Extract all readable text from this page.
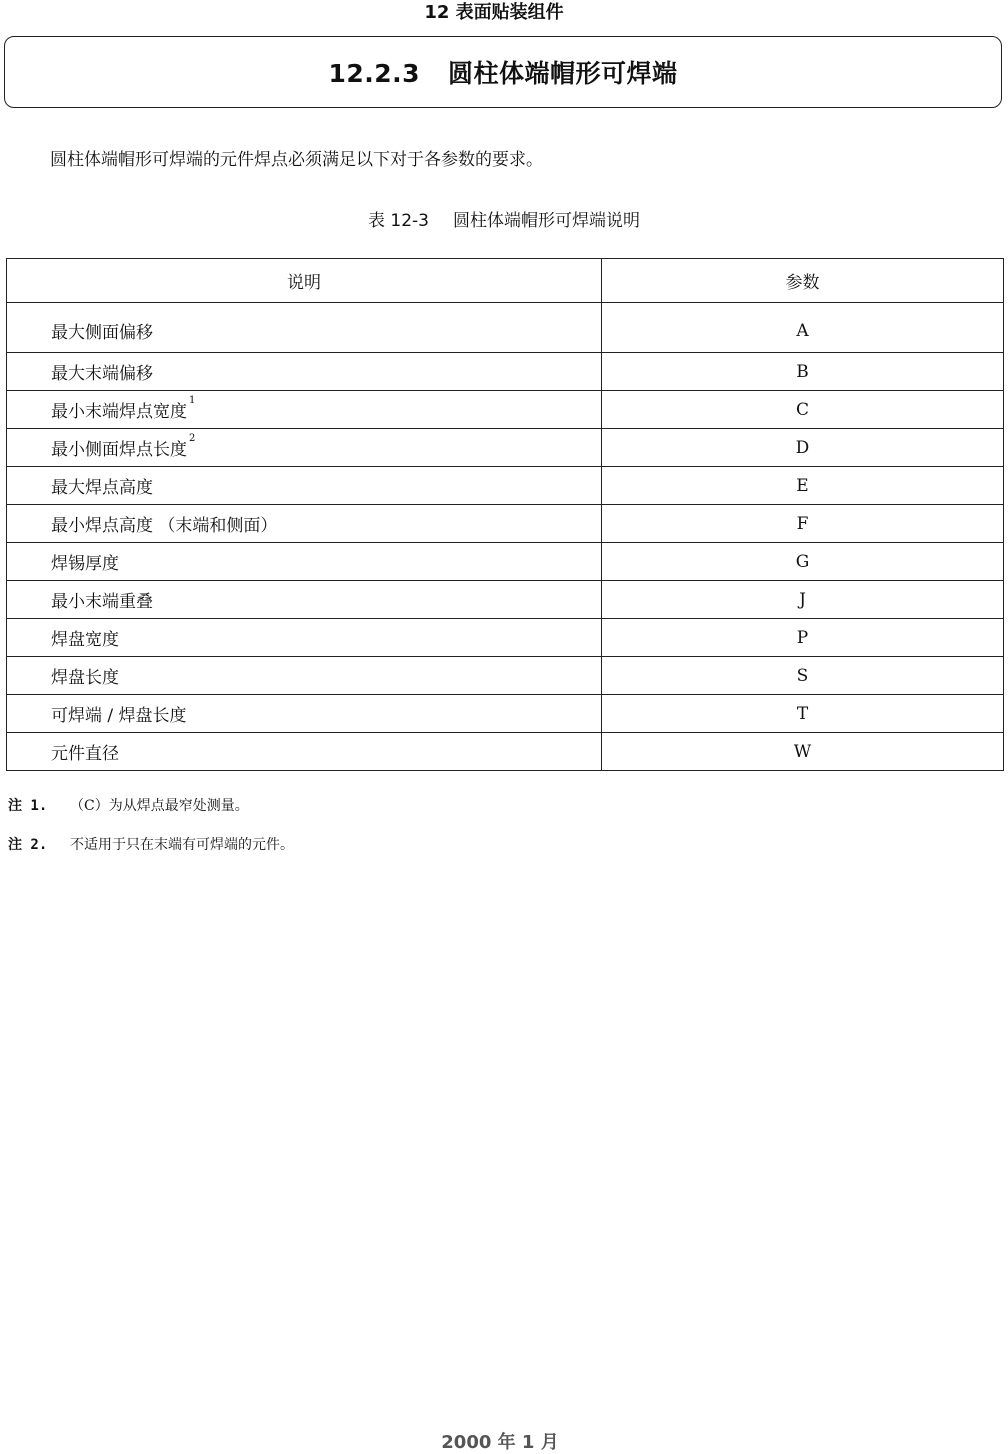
12 表面贴装组件
12.2.3 圆柱体端帽形可焊端
圆柱体端帽形可焊端的元件焊点必须满足以下对于各参数的要求。
表 12-3 圆柱体端帽形可焊端说明
说明	参数
最大侧面偏移	A
最大末端偏移	B
最小末端焊点宽度$^1$	C
最小侧面焊点长度$^2$	D
最大焊点高度	E
最小焊点高度 （末端和侧面）	F
焊锡厚度	G
最小末端重叠	J
焊盘宽度	P
焊盘长度	S
可焊端 / 焊盘长度	T
元件直径	W
注 1. （C）为从焊点最窄处测量。
注 2. 不适用于只在末端有可焊端的元件。
2000 年 1 月
